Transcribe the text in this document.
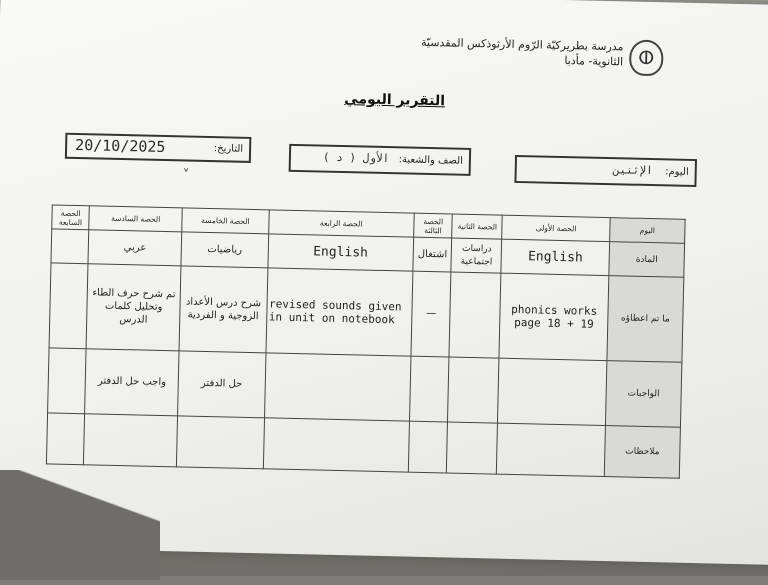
ⵀ
مدرسة بطريركيّة الرّوم الأرثوذكس المقدسيّة
الثانوية- مأدبا
التقرير اليومي
التاريخ:
20/10/2025
˅
الصف والشعبة:
الأول ( د )
اليوم:
الإثنين
اليوم	الحصة الأولى	الحصة الثانية	الحصة الثالثة	الحصة الرابعة	الحصة الخامسة	الحصة السادسة	الحصة السابعة
المادة	English	دراسات اجتماعية	اشتغال	English	رياضيات	عربي	
ما تم اعطاؤه	phonics works page 18 + 19		—	revised sounds given in unit on notebook	شرح درس الأعداد الزوجية و الفردية	تم شرح حرف الطاء وتحليل كلمات الدرس	
الواجبات					حل الدفتر	واجب حل الدفتر	
ملاحظات							
